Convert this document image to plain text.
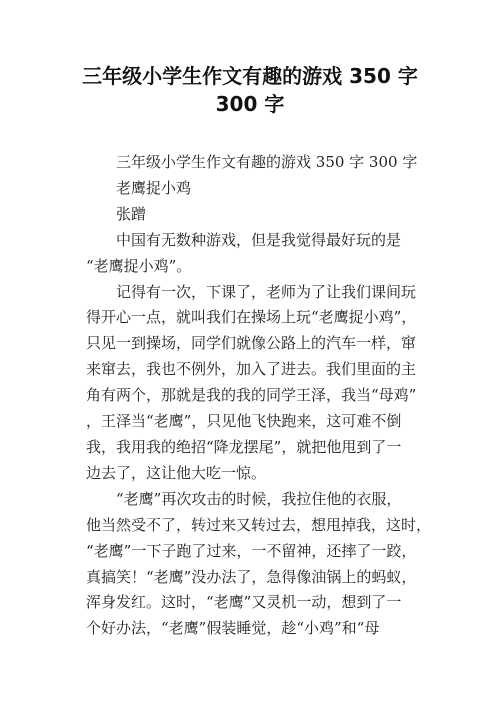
三年级小学生作文有趣的游戏 350 字
300 字
三年级小学生作文有趣的游戏 350 字 300 字
老鹰捉小鸡
张蹭
中国有无数种游戏，但是我觉得最好玩的是
“老鹰捉小鸡”。
记得有一次，下课了，老师为了让我们课间玩
得开心一点，就叫我们在操场上玩“老鹰捉小鸡”，
只见一到操场，同学们就像公路上的汽车一样，窜
来窜去，我也不例外，加入了进去。我们里面的主
角有两个，那就是我的我的同学王泽，我当“母鸡”
，王泽当“老鹰”，只见他飞快跑来，这可难不倒
我，我用我的绝招“降龙摆尾”，就把他甩到了一
边去了，这让他大吃一惊。
“老鹰”再次攻击的时候，我拉住他的衣服，
他当然受不了，转过来又转过去，想甩掉我，这时，
“老鹰”一下子跑了过来，一不留神，还摔了一跤，
真搞笑！“老鹰”没办法了，急得像油锅上的蚂蚁，
浑身发红。这时，“老鹰”又灵机一动，想到了一
个好办法，“老鹰”假装睡觉，趁“小鸡”和“母
